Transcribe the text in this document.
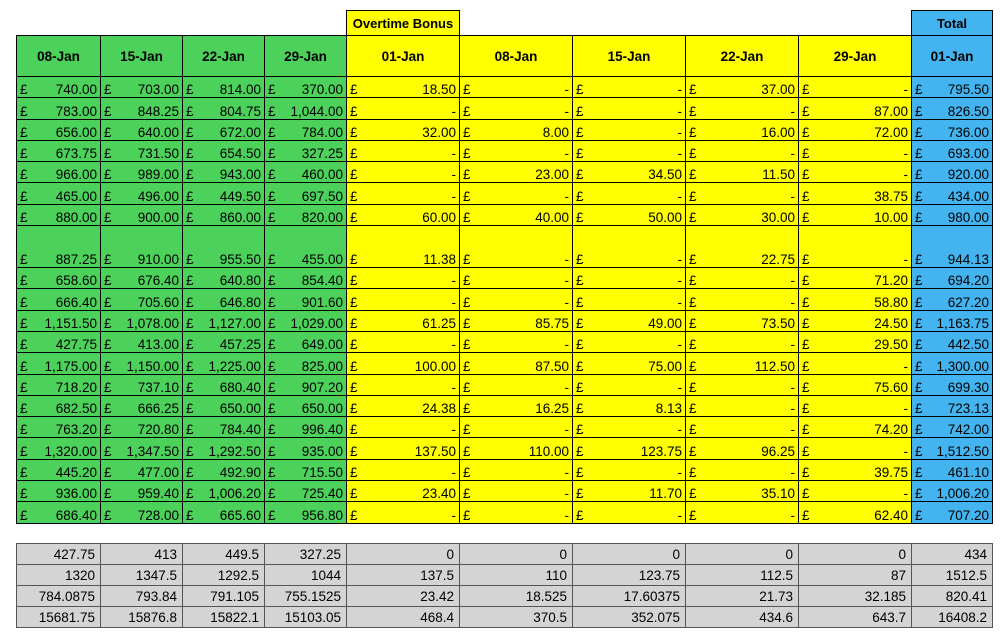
				Overtime Bonus					Total
08-Jan	15-Jan	22-Jan	29-Jan	01-Jan	08-Jan	15-Jan	22-Jan	29-Jan	01-Jan

£ 740.00	£ 703.00	£ 814.00	£ 370.00	£ 18.50	£ -	£ -	£ 37.00	£ -	£ 795.50

£ 783.00	£ 848.25	£ 804.75	£ 1,044.00	£ -	£ -	£ -	£ -	£ 87.00	£ 826.50

£ 656.00	£ 640.00	£ 672.00	£ 784.00	£ 32.00	£ 8.00	£ -	£ 16.00	£ 72.00	£ 736.00

£ 673.75	£ 731.50	£ 654.50	£ 327.25	£ -	£ -	£ -	£ -	£ -	£ 693.00

£ 966.00	£ 989.00	£ 943.00	£ 460.00	£ -	£ 23.00	£ 34.50	£ 11.50	£ -	£ 920.00

£ 465.00	£ 496.00	£ 449.50	£ 697.50	£ -	£ -	£ -	£ -	£ 38.75	£ 434.00

£ 880.00	£ 900.00	£ 860.00	£ 820.00	£ 60.00	£ 40.00	£ 50.00	£ 30.00	£ 10.00	£ 980.00

£ 887.25	£ 910.00	£ 955.50	£ 455.00	£ 11.38	£ -	£ -	£ 22.75	£ -	£ 944.13

£ 658.60	£ 676.40	£ 640.80	£ 854.40	£ -	£ -	£ -	£ -	£ 71.20	£ 694.20

£ 666.40	£ 705.60	£ 646.80	£ 901.60	£ -	£ -	£ -	£ -	£ 58.80	£ 627.20

£ 1,151.50	£ 1,078.00	£ 1,127.00	£ 1,029.00	£ 61.25	£ 85.75	£ 49.00	£ 73.50	£ 24.50	£ 1,163.75

£ 427.75	£ 413.00	£ 457.25	£ 649.00	£ -	£ -	£ -	£ -	£ 29.50	£ 442.50

£ 1,175.00	£ 1,150.00	£ 1,225.00	£ 825.00	£ 100.00	£ 87.50	£ 75.00	£ 112.50	£ -	£ 1,300.00

£ 718.20	£ 737.10	£ 680.40	£ 907.20	£ -	£ -	£ -	£ -	£ 75.60	£ 699.30

£ 682.50	£ 666.25	£ 650.00	£ 650.00	£ 24.38	£ 16.25	£ 8.13	£ -	£ -	£ 723.13

£ 763.20	£ 720.80	£ 784.40	£ 996.40	£ -	£ -	£ -	£ -	£ 74.20	£ 742.00

£ 1,320.00	£ 1,347.50	£ 1,292.50	£ 935.00	£ 137.50	£ 110.00	£ 123.75	£ 96.25	£ -	£ 1,512.50

£ 445.20	£ 477.00	£ 492.90	£ 715.50	£ -	£ -	£ -	£ -	£ 39.75	£ 461.10

£ 936.00	£ 959.40	£ 1,006.20	£ 725.40	£ 23.40	£ -	£ 11.70	£ 35.10	£ -	£ 1,006.20

£ 686.40	£ 728.00	£ 665.60	£ 956.80	£ -	£ -	£ -	£ -	£ 62.40	£ 707.20
427.75	413	449.5	327.25	0	0	0	0	0	434
1320	1347.5	1292.5	1044	137.5	110	123.75	112.5	87	1512.5
784.0875	793.84	791.105	755.1525	23.42	18.525	17.60375	21.73	32.185	820.41
15681.75	15876.8	15822.1	15103.05	468.4	370.5	352.075	434.6	643.7	16408.2
